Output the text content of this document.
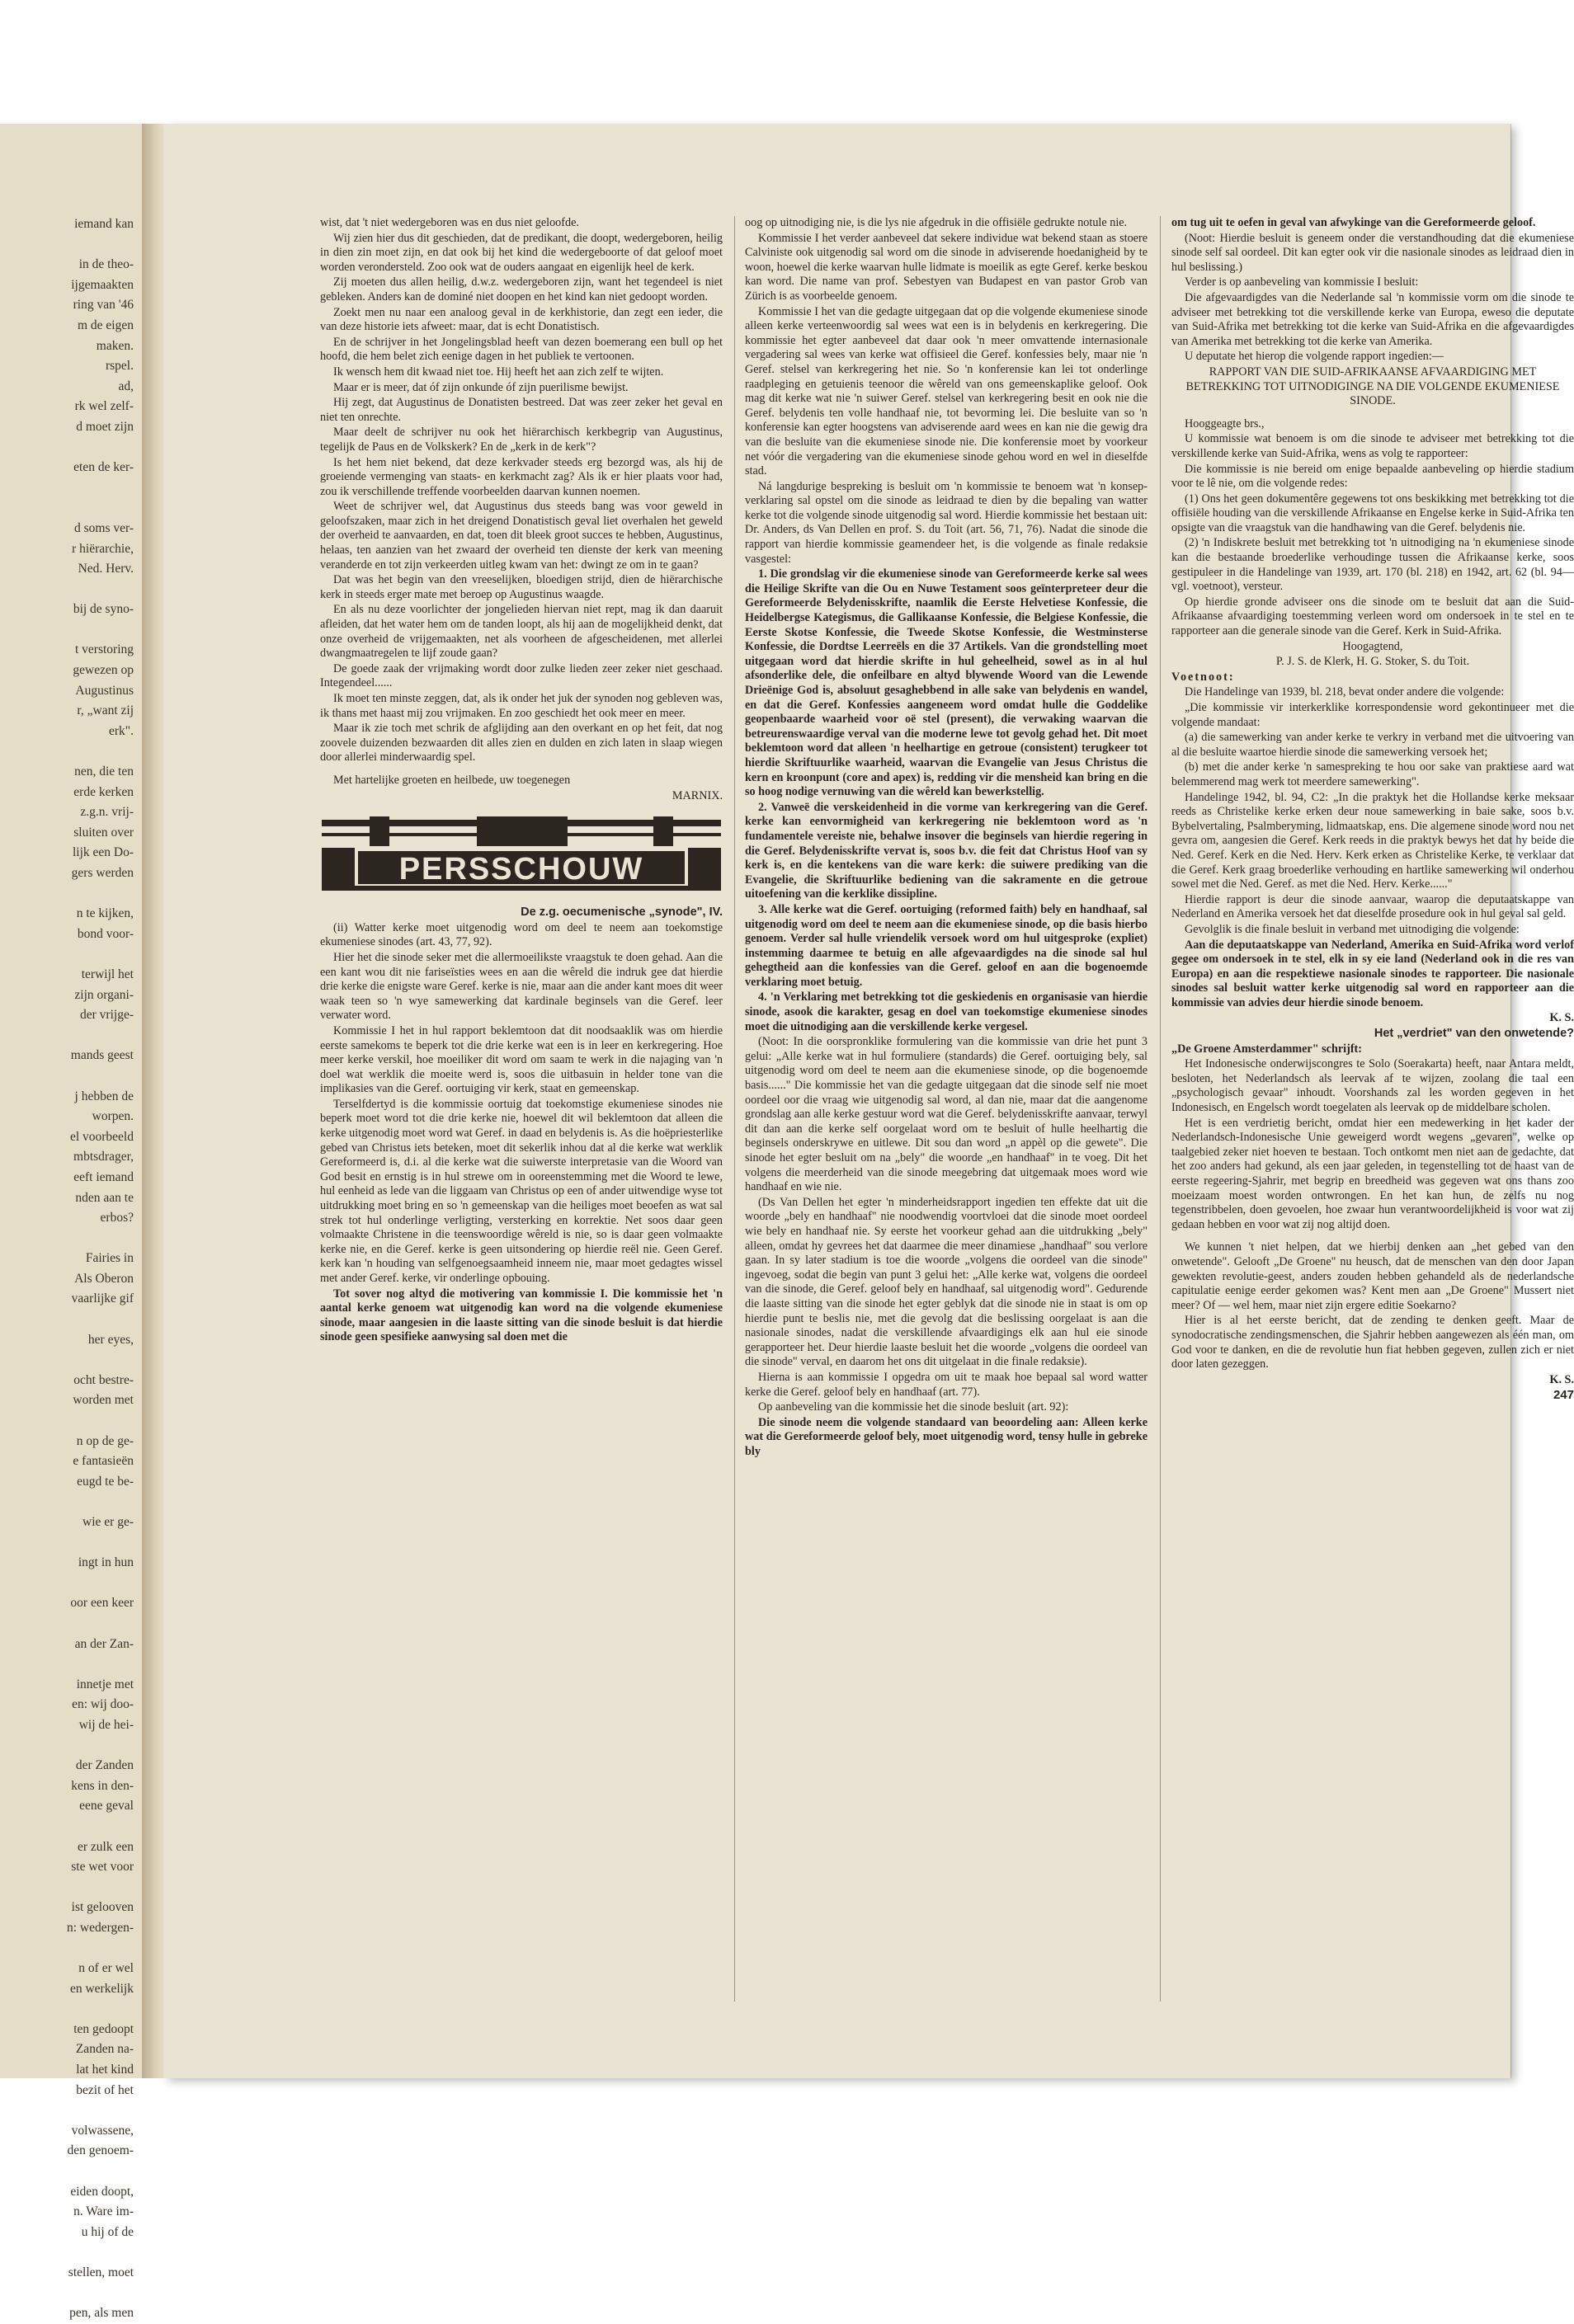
iemand kan

in de theo-
ijgemaakten
ring van '46
m de eigen
maken.
rspel.
ad,
rk wel zelf-
d moet zijn

eten de ker-

d soms ver-
r hiërarchie,
Ned. Herv.

bij de syno-

t verstoring
gewezen op
Augustinus
r, „want zij
erk".

nen, die ten
erde kerken
z.g.n. vrij-
sluiten over
lijk een Do-
gers werden

n te kijken,
bond voor-

terwijl het
zijn organi-
der vrijge-

mands geest

j hebben de
worpen.
el voorbeeld
mbtsdrager,
eeft iemand
nden aan te
erbos?

Fairies in
Als Oberon
vaarlijke gif

her eyes,

ocht bestre-
worden met

n op de ge-
e fantasieën
eugd te be-

wie er ge-

ingt in hun

oor een keer

an der Zan-

innetje met
en: wij doo-
wij de hei-

der Zanden
kens in den-
eene geval

er zulk een
ste wet voor

ist gelooven
n: wedergen-

n of er wel
en werkelijk

ten gedoopt
Zanden na-
lat het kind
bezit of het

volwassene,
den genoem-

eiden doopt,
n. Ware im-
u hij of de

stellen, moet

pen, als men

wist, dat 't niet wedergeboren was en dus niet geloofde.

Wij zien hier dus dit geschieden, dat de predikant, die doopt, wedergeboren, heilig in dien zin moet zijn, en dat ook bij het kind die wedergeboorte of dat geloof moet worden verondersteld. Zoo ook wat de ouders aangaat en eigenlijk heel de kerk.

Zij moeten dus allen heilig, d.w.z. wedergeboren zijn, want het tegendeel is niet gebleken. Anders kan de dominé niet doopen en het kind kan niet gedoopt worden.

Zoekt men nu naar een analoog geval in de kerkhistorie, dan zegt een ieder, die van deze historie iets afweet: maar, dat is echt Donatistisch.

En de schrijver in het Jongelingsblad heeft van dezen boemerang een bull op het hoofd, die hem belet zich eenige dagen in het publiek te vertoonen.

Ik wensch hem dit kwaad niet toe. Hij heeft het aan zich zelf te wijten.

Maar er is meer, dat óf zijn onkunde óf zijn puerilisme bewijst.

Hij zegt, dat Augustinus de Donatisten bestreed. Dat was zeer zeker het geval en niet ten onrechte.

Maar deelt de schrijver nu ook het hiërarchisch kerkbegrip van Augustinus, tegelijk de Paus en de Volkskerk? En de „kerk in de kerk"?

Is het hem niet bekend, dat deze kerkvader steeds erg bezorgd was, als hij de groeiende vermenging van staats- en kerkmacht zag? Als ik er hier plaats voor had, zou ik verschillende treffende voorbeelden daarvan kunnen noemen.

Weet de schrijver wel, dat Augustinus dus steeds bang was voor geweld in geloofszaken, maar zich in het dreigend Donatistisch geval liet overhalen het geweld der overheid te aanvaarden, en dat, toen dit bleek groot succes te hebben, Augustinus, helaas, ten aanzien van het zwaard der overheid ten dienste der kerk van meening veranderde en tot zijn verkeerden uitleg kwam van het: dwingt ze om in te gaan?

Dat was het begin van den vreeselijken, bloedigen strijd, dien de hiërarchische kerk in steeds erger mate met beroep op Augustinus waagde.

En als nu deze voorlichter der jongelieden hiervan niet rept, mag ik dan daaruit afleiden, dat het water hem om de tanden loopt, als hij aan de mogelijkheid denkt, dat onze overheid de vrijgemaakten, net als voorheen de afgescheidenen, met allerlei dwangmaatregelen te lijf zoude gaan?

De goede zaak der vrijmaking wordt door zulke lieden zeer zeker niet geschaad. Integendeel......

Ik moet ten minste zeggen, dat, als ik onder het juk der synoden nog gebleven was, ik thans met haast mij zou vrijmaken. En zoo geschiedt het ook meer en meer.

Maar ik zie toch met schrik de afglijding aan den overkant en op het feit, dat nog zoovele duizenden bezwaarden dit alles zien en dulden en zich laten in slaap wiegen door allerlei minderwaardig spel.

Met hartelijke groeten en heilbede, uw toegenegen

MARNIX.

PERSSCHOUW

De z.g. oecumenische „synode", IV.

(ii) Watter kerke moet uitgenodig word om deel te neem aan toekomstige ekumeniese sinodes (art. 43, 77, 92).

Hier het die sinode seker met die allermoeilikste vraagstuk te doen gehad. Aan die een kant wou dit nie fariseïsties wees en aan die wêreld die indruk gee dat hierdie drie kerke die enigste ware Geref. kerke is nie, maar aan die ander kant moes dit weer waak teen so 'n wye samewerking dat kardinale beginsels van die Geref. leer verwater word.

Kommissie I het in hul rapport beklemtoon dat dit noodsaaklik was om hierdie eerste samekoms te beperk tot die drie kerke wat een is in leer en kerkregering. Hoe meer kerke verskil, hoe moeiliker dit word om saam te werk in die najaging van 'n doel wat werklik die moeite werd is, soos die uitbasuin in helder tone van die implikasies van die Geref. oortuiging vir kerk, staat en gemeenskap.

Terselfdertyd is die kommissie oortuig dat toekomstige ekumeniese sinodes nie beperk moet word tot die drie kerke nie, hoewel dit wil beklemtoon dat alleen die kerke uitgenodig moet word wat Geref. in daad en belydenis is. As die hoëpriesterlike gebed van Christus iets beteken, moet dit sekerlik inhou dat al die kerke wat werklik Gereformeerd is, d.i. al die kerke wat die suiwerste interpretasie van die Woord van God besit en ernstig is in hul strewe om in ooreenstemming met die Woord te lewe, hul eenheid as lede van die liggaam van Christus op een of ander uitwendige wyse tot uitdrukking moet bring en so 'n gemeenskap van die heiliges moet beoefen as wat sal strek tot hul onderlinge verligting, versterking en korrektie. Net soos daar geen volmaakte Christene in die teenswoordige wêreld is nie, so is daar geen volmaakte kerke nie, en die Geref. kerke is geen uitsondering op hierdie reël nie. Geen Geref. kerk kan 'n houding van selfgenoegsaamheid inneem nie, maar moet gedagtes wissel met ander Geref. kerke, vir onderlinge opbouing.

Tot sover nog altyd die motivering van kommissie I. Die kommissie het 'n aantal kerke genoem wat uitgenodig kan word na die volgende ekumeniese sinode, maar aangesien in die laaste sitting van die sinode besluit is dat hierdie sinode geen spesifieke aanwysing sal doen met die

oog op uitnodiging nie, is die lys nie afgedruk in die offisiële gedrukte notule nie.

Kommissie I het verder aanbeveel dat sekere individue wat bekend staan as stoere Calviniste ook uitgenodig sal word om die sinode in adviserende hoedanigheid by te woon, hoewel die kerke waarvan hulle lidmate is moeilik as egte Geref. kerke beskou kan word. Die name van prof. Sebestyen van Budapest en van pastor Grob van Zürich is as voorbeelde genoem.

Kommissie I het van die gedagte uitgegaan dat op die volgende ekumeniese sinode alleen kerke verteenwoordig sal wees wat een is in belydenis en kerkregering. Die kommissie het egter aanbeveel dat daar ook 'n meer omvattende internasionale vergadering sal wees van kerke wat offisieel die Geref. konfessies bely, maar nie 'n Geref. stelsel van kerkregering het nie. So 'n konferensie kan lei tot onderlinge raadpleging en getuienis teenoor die wêreld van ons gemeenskaplike geloof. Ook mag dit kerke wat nie 'n suiwer Geref. stelsel van kerkregering besit en ook nie die Geref. belydenis ten volle handhaaf nie, tot bevorming lei. Die besluite van so 'n konferensie kan egter hoogstens van adviserende aard wees en kan nie die gewig dra van die besluite van die ekumeniese sinode nie. Die konferensie moet by voorkeur net vóór die vergadering van die ekumeniese sinode gehou word en wel in dieselfde stad.

Ná langdurige bespreking is besluit om 'n kommissie te benoem wat 'n konsep-verklaring sal opstel om die sinode as leidraad te dien by die bepaling van watter kerke tot die volgende sinode uitgenodig sal word. Hierdie kommissie het bestaan uit: Dr. Anders, ds Van Dellen en prof. S. du Toit (art. 56, 71, 76). Nadat die sinode die rapport van hierdie kommissie geamendeer het, is die volgende as finale redaksie vasgestel:

1. Die grondslag vir die ekumeniese sinode van Gereformeerde kerke sal wees die Heilige Skrifte van die Ou en Nuwe Testament soos geïnterpreteer deur die Gereformeerde Belydenisskrifte, naamlik die Eerste Helvetiese Konfessie, die Heidelbergse Kategismus, die Gallikaanse Konfessie, die Belgiese Konfessie, die Eerste Skotse Konfessie, die Tweede Skotse Konfessie, die Westminsterse Konfessie, die Dordtse Leerreëls en die 37 Artikels. Van die grondstelling moet uitgegaan word dat hierdie skrifte in hul geheelheid, sowel as in al hul afsonderlike dele, die onfeilbare en altyd blywende Woord van die Lewende Drieënige God is, absoluut gesaghebbend in alle sake van belydenis en wandel, en dat die Geref. Konfessies aangeneem word omdat hulle die Goddelike geopenbaarde waarheid voor oë stel (present), die verwaking waarvan die betreurenswaardige verval van die moderne lewe tot gevolg gehad het. Dit moet beklemtoon word dat alleen 'n heelhartige en getroue (consistent) terugkeer tot hierdie Skriftuurlike waarheid, waarvan die Evangelie van Jesus Christus die kern en kroonpunt (core and apex) is, redding vir die mensheid kan bring en die so hoog nodige vernuwing van die wêreld kan bewerkstellig.

2. Vanweë die verskeidenheid in die vorme van kerkregering van die Geref. kerke kan eenvormigheid van kerkregering nie beklemtoon word as 'n fundamentele vereiste nie, behalwe insover die beginsels van hierdie regering in die Geref. Belydenisskrifte vervat is, soos b.v. die feit dat Christus Hoof van sy kerk is, en die kentekens van die ware kerk: die suiwere prediking van die Evangelie, die Skriftuurlike bediening van die sakramente en die getroue uitoefening van die kerklike dissipline.

3. Alle kerke wat die Geref. oortuiging (reformed faith) bely en handhaaf, sal uitgenodig word om deel te neem aan die ekumeniese sinode, op die basis hierbo genoem. Verder sal hulle vriendelik versoek word om hul uitgesproke (expliet) instemming daarmee te betuig en alle afgevaardigdes na die sinode sal hul gehegtheid aan die konfessies van die Geref. geloof en aan die bogenoemde verklaring moet betuig.

4. 'n Verklaring met betrekking tot die geskiedenis en organisasie van hierdie sinode, asook die karakter, gesag en doel van toekomstige ekumeniese sinodes moet die uitnodiging aan die verskillende kerke vergesel.

(Noot: In die oorspronklike formulering van die kommissie van drie het punt 3 gelui: „Alle kerke wat in hul formuliere (standards) die Geref. oortuiging bely, sal uitgenodig word om deel te neem aan die ekumeniese sinode, op die bogenoemde basis......" Die kommissie het van die gedagte uitgegaan dat die sinode self nie moet oordeel oor die vraag wie uitgenodig sal word, al dan nie, maar dat die aangenome grondslag aan alle kerke gestuur word wat die Geref. belydenisskrifte aanvaar, terwyl dit dan aan die kerke self oorgelaat word om te besluit of hulle heelhartig die beginsels onderskrywe en uitlewe. Dit sou dan word „n appèl op die gewete". Die sinode het egter besluit om na „bely" die woorde „en handhaaf" in te voeg. Dit het volgens die meerderheid van die sinode meegebring dat uitgemaak moes word wie handhaaf en wie nie.

(Ds Van Dellen het egter 'n minderheidsrapport ingedien ten effekte dat uit die woorde „bely en handhaaf" nie noodwendig voortvloei dat die sinode moet oordeel wie bely en handhaaf nie. Sy eerste het voorkeur gehad aan die uitdrukking „bely" alleen, omdat hy gevrees het dat daarmee die meer dinamiese „handhaaf" sou verlore gaan. In sy later stadium is toe die woorde „volgens die oordeel van die sinode" ingevoeg, sodat die begin van punt 3 gelui het: „Alle kerke wat, volgens die oordeel van die sinode, die Geref. geloof bely en handhaaf, sal uitgenodig word". Gedurende die laaste sitting van die sinode het egter geblyk dat die sinode nie in staat is om op hierdie punt te beslis nie, met die gevolg dat die beslissing oorgelaat is aan die nasionale sinodes, nadat die verskillende afvaardigings elk aan hul eie sinode gerapporteer het. Deur hierdie laaste besluit het die woorde „volgens die oordeel van die sinode" verval, en daarom het ons dit uitgelaat in die finale redaksie).

Hierna is aan kommissie I opgedra om uit te maak hoe bepaal sal word watter kerke die Geref. geloof bely en handhaaf (art. 77).

Op aanbeveling van die kommissie het die sinode besluit (art. 92):

Die sinode neem die volgende standaard van beoordeling aan: Alleen kerke wat die Gereformeerde geloof bely, moet uitgenodig word, tensy hulle in gebreke bly

om tug uit te oefen in geval van afwykinge van die Gereformeerde geloof.

(Noot: Hierdie besluit is geneem onder die verstandhouding dat die ekumeniese sinode self sal oordeel. Dit kan egter ook vir die nasionale sinodes as leidraad dien in hul beslissing.)

Verder is op aanbeveling van kommissie I besluit:

Die afgevaardigdes van die Nederlande sal 'n kommissie vorm om die sinode te adviseer met betrekking tot die verskillende kerke van Europa, eweso die deputate van Suid-Afrika met betrekking tot die kerke van Suid-Afrika en die afgevaardigdes van Amerika met betrekking tot die kerke van Amerika.

U deputate het hierop die volgende rapport ingedien:—

RAPPORT VAN DIE SUID-AFRIKAANSE AFVAARDIGING MET BETREKKING TOT UITNODIGINGE NA DIE VOLGENDE EKUMENIESE SINODE.

Hooggeagte brs.,

U kommissie wat benoem is om die sinode te adviseer met betrekking tot die verskillende kerke van Suid-Afrika, wens as volg te rapporteer:

Die kommissie is nie bereid om enige bepaalde aanbeveling op hierdie stadium voor te lê nie, om die volgende redes:

(1) Ons het geen dokumentêre gegewens tot ons beskikking met betrekking tot die offisiële houding van die verskillende Afrikaanse en Engelse kerke in Suid-Afrika ten opsigte van die vraagstuk van die handhawing van die Geref. belydenis nie.

(2) 'n Indiskrete besluit met betrekking tot 'n uitnodiging na 'n ekumeniese sinode kan die bestaande broederlike verhoudinge tussen die Afrikaanse kerke, soos gestipuleer in die Handelinge van 1939, art. 170 (bl. 218) en 1942, art. 62 (bl. 94—vgl. voetnoot), versteur.

Op hierdie gronde adviseer ons die sinode om te besluit dat aan die Suid-Afrikaanse afvaardiging toestemming verleen word om ondersoek in te stel en te rapporteer aan die generale sinode van die Geref. Kerk in Suid-Afrika.

Hoogagtend,

P. J. S. de Klerk, H. G. Stoker, S. du Toit.

Voetnoot:

Die Handelinge van 1939, bl. 218, bevat onder andere die volgende:

„Die kommissie vir interkerklike korrespondensie word gekontinueer met die volgende mandaat:

(a) die samewerking van ander kerke te verkry in verband met die uitvoering van al die besluite waartoe hierdie sinode die samewerking versoek het;

(b) met die ander kerke 'n samespreking te hou oor sake van praktiese aard wat belemmerend mag werk tot meerdere samewerking".

Handelinge 1942, bl. 94, C2: „In die praktyk het die Hollandse kerke meksaar reeds as Christelike kerke erken deur noue samewerking in baie sake, soos b.v. Bybelvertaling, Psalmberyming, lidmaatskap, ens. Die algemene sinode word nou net gevra om, aangesien die Geref. Kerk reeds in die praktyk bewys het dat hy beide die Ned. Geref. Kerk en die Ned. Herv. Kerk erken as Christelike Kerke, te verklaar dat die Geref. Kerk graag broederlike verhouding en hartlike samewerking wil onderhou sowel met die Ned. Geref. as met die Ned. Herv. Kerke......"

Hierdie rapport is deur die sinode aanvaar, waarop die deputaatskappe van Nederland en Amerika versoek het dat dieselfde prosedure ook in hul geval sal geld.

Gevolglik is die finale besluit in verband met uitnodiging die volgende:

Aan die deputaatskappe van Nederland, Amerika en Suid-Afrika word verlof gegee om ondersoek in te stel, elk in sy eie land (Nederland ook in die res van Europa) en aan die respektiewe nasionale sinodes te rapporteer. Die nasionale sinodes sal besluit watter kerke uitgenodig sal word en rapporteer aan die kommissie van advies deur hierdie sinode benoem.

K. S.

Het „verdriet" van den onwetende?

„De Groene Amsterdammer" schrijft:

Het Indonesische onderwijscongres te Solo (Soerakarta) heeft, naar Antara meldt, besloten, het Nederlandsch als leervak af te wijzen, zoolang die taal een „psychologisch gevaar" inhoudt. Voorshands zal les worden gegeven in het Indonesisch, en Engelsch wordt toegelaten als leervak op de middelbare scholen.

Het is een verdrietig bericht, omdat hier een medewerking in het kader der Nederlandsch-Indonesische Unie geweigerd wordt wegens „gevaren", welke op taalgebied zeker niet hoeven te bestaan. Toch ontkomt men niet aan de gedachte, dat het zoo anders had gekund, als een jaar geleden, in tegenstelling tot de haast van de eerste regeering-Sjahrir, met begrip en breedheid was gegeven wat ons thans zoo moeizaam moest worden ontwrongen. En het kan hun, de zelfs nu nog tegenstribbelen, doen gevoelen, hoe zwaar hun verantwoordelijkheid is voor wat zij gedaan hebben en voor wat zij nog altijd doen.

We kunnen 't niet helpen, dat we hierbij denken aan „het gebed van den onwetende". Gelooft „De Groene" nu heusch, dat de menschen van den door Japan gewekten revolutie-geest, anders zouden hebben gehandeld als de nederlandsche capitulatie eenige eerder gekomen was? Kent men aan „De Groene" Mussert niet meer? Of — wel hem, maar niet zijn ergere editie Soekarno?

Hier is al het eerste bericht, dat de zending te denken geeft. Maar de synodocratische zendingsmenschen, die Sjahrir hebben aangewezen als één man, om God voor te danken, en die de revolutie hun fiat hebben gegeven, zullen zich er niet door laten gezeggen.

K. S.

247
